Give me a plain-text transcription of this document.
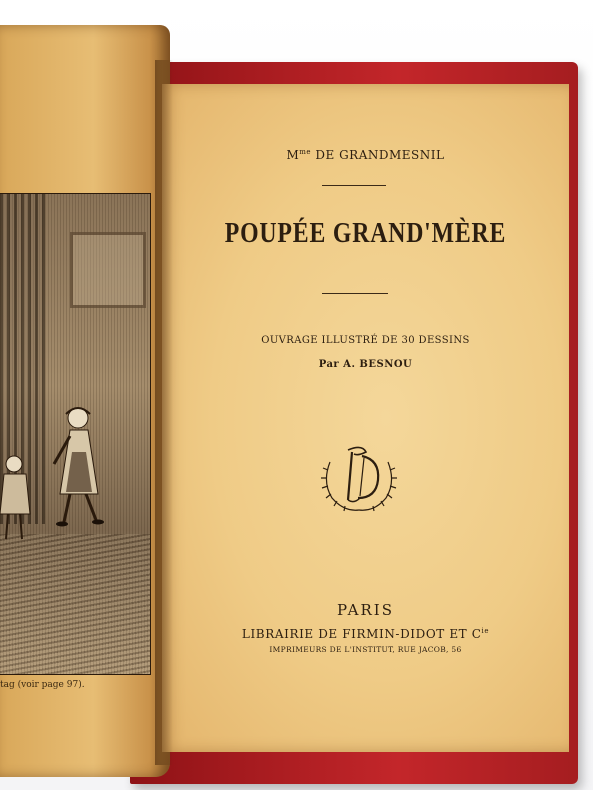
tag (voir page 97).
$M^{me}$ DE GRANDMESNIL
POUPÉE GRAND'MÈRE
OUVRAGE ILLUSTRÉ DE 30 DESSINS
Par A. BESNOU
PARIS
LIBRAIRIE DE FIRMIN-DIDOT ET $C^{ie}$
IMPRIMEURS DE L'INSTITUT, RUE JACOB, 56
